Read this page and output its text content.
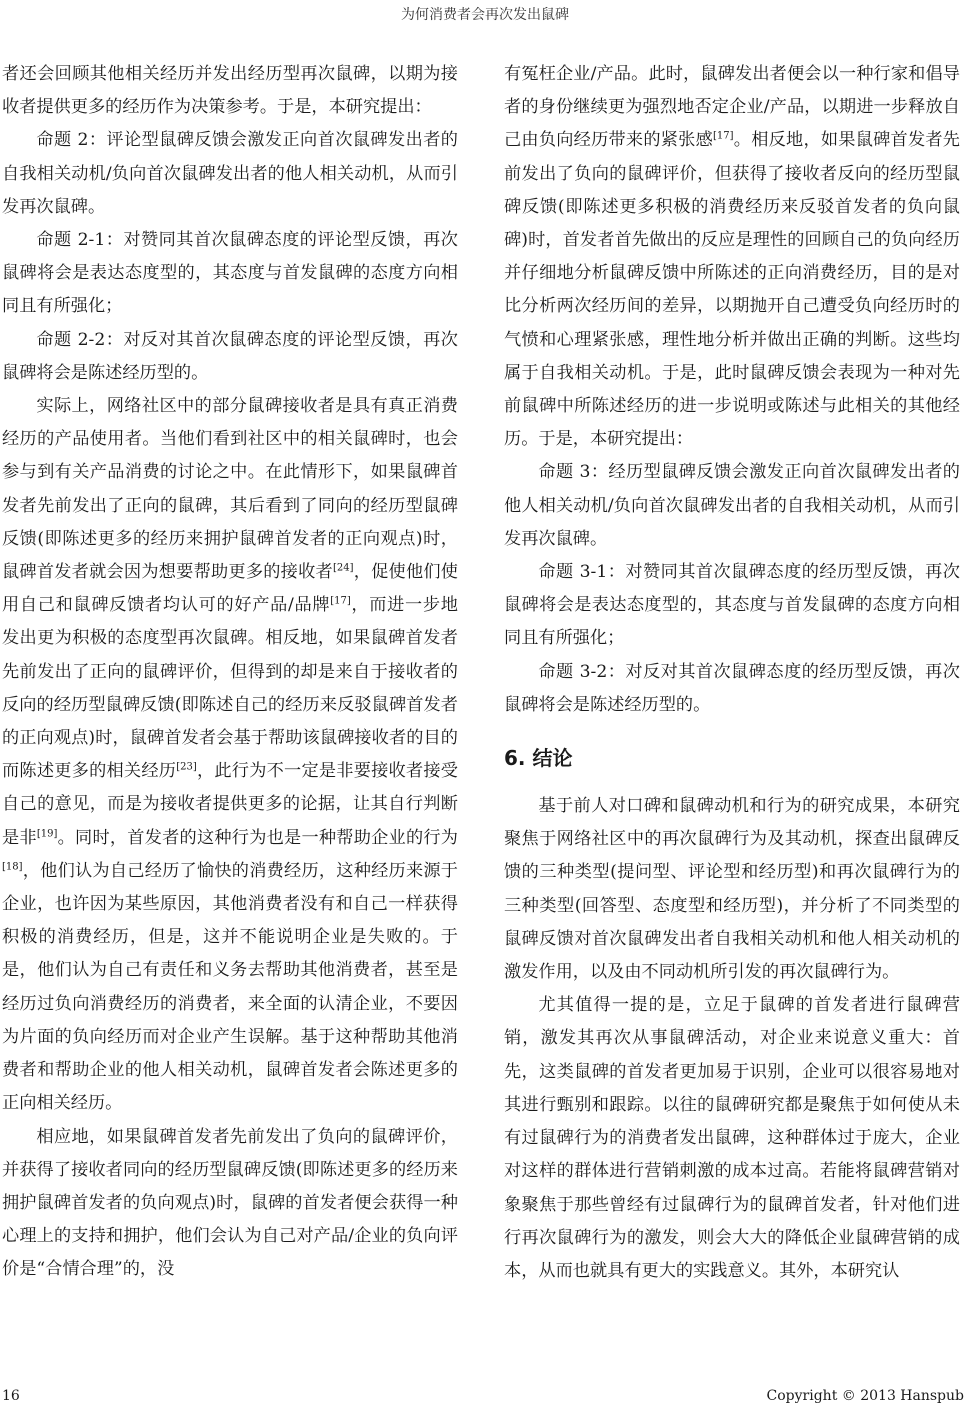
为何消费者会再次发出鼠碑

者还会回顾其他相关经历并发出经历型再次鼠碑，以期为接收者提供更多的经历作为决策参考。于是，本研究提出：

命题 2：评论型鼠碑反馈会激发正向首次鼠碑发出者的自我相关动机/负向首次鼠碑发出者的他人相关动机，从而引发再次鼠碑。

命题 2-1：对赞同其首次鼠碑态度的评论型反馈，再次鼠碑将会是表达态度型的，其态度与首发鼠碑的态度方向相同且有所强化；

命题 2-2：对反对其首次鼠碑态度的评论型反馈，再次鼠碑将会是陈述经历型的。

实际上，网络社区中的部分鼠碑接收者是具有真正消费经历的产品使用者。当他们看到社区中的相关鼠碑时，也会参与到有关产品消费的讨论之中。在此情形下，如果鼠碑首发者先前发出了正向的鼠碑，其后看到了同向的经历型鼠碑反馈(即陈述更多的经历来拥护鼠碑首发者的正向观点)时，鼠碑首发者就会因为想要帮助更多的接收者[24]，促使他们使用自己和鼠碑反馈者均认可的好产品/品牌[17]，而进一步地发出更为积极的态度型再次鼠碑。相反地，如果鼠碑首发者先前发出了正向的鼠碑评价，但得到的却是来自于接收者的反向的经历型鼠碑反馈(即陈述自己的经历来反驳鼠碑首发者的正向观点)时，鼠碑首发者会基于帮助该鼠碑接收者的目的而陈述更多的相关经历[23]，此行为不一定是非要接收者接受自己的意见，而是为接收者提供更多的论据，让其自行判断是非[19]。同时，首发者的这种行为也是一种帮助企业的行为[18]，他们认为自己经历了愉快的消费经历，这种经历来源于企业，也许因为某些原因，其他消费者没有和自己一样获得积极的消费经历，但是，这并不能说明企业是失败的。于是，他们认为自己有责任和义务去帮助其他消费者，甚至是经历过负向消费经历的消费者，来全面的认清企业，不要因为片面的负向经历而对企业产生误解。基于这种帮助其他消费者和帮助企业的他人相关动机，鼠碑首发者会陈述更多的正向相关经历。

相应地，如果鼠碑首发者先前发出了负向的鼠碑评价，并获得了接收者同向的经历型鼠碑反馈(即陈述更多的经历来拥护鼠碑首发者的负向观点)时，鼠碑的首发者便会获得一种心理上的支持和拥护，他们会认为自己对产品/企业的负向评价是“合情合理”的，没

有冤枉企业/产品。此时，鼠碑发出者便会以一种行家和倡导者的身份继续更为强烈地否定企业/产品，以期进一步释放自己由负向经历带来的紧张感[17]。相反地，如果鼠碑首发者先前发出了负向的鼠碑评价，但获得了接收者反向的经历型鼠碑反馈(即陈述更多积极的消费经历来反驳首发者的负向鼠碑)时，首发者首先做出的反应是理性的回顾自己的负向经历并仔细地分析鼠碑反馈中所陈述的正向消费经历，目的是对比分析两次经历间的差异，以期抛开自己遭受负向经历时的气愤和心理紧张感，理性地分析并做出正确的判断。这些均属于自我相关动机。于是，此时鼠碑反馈会表现为一种对先前鼠碑中所陈述经历的进一步说明或陈述与此相关的其他经历。于是，本研究提出：

命题 3：经历型鼠碑反馈会激发正向首次鼠碑发出者的他人相关动机/负向首次鼠碑发出者的自我相关动机，从而引发再次鼠碑。

命题 3-1：对赞同其首次鼠碑态度的经历型反馈，再次鼠碑将会是表达态度型的，其态度与首发鼠碑的态度方向相同且有所强化；

命题 3-2：对反对其首次鼠碑态度的经历型反馈，再次鼠碑将会是陈述经历型的。

6. 结论

基于前人对口碑和鼠碑动机和行为的研究成果，本研究聚焦于网络社区中的再次鼠碑行为及其动机，探查出鼠碑反馈的三种类型(提问型、评论型和经历型)和再次鼠碑行为的三种类型(回答型、态度型和经历型)，并分析了不同类型的鼠碑反馈对首次鼠碑发出者自我相关动机和他人相关动机的激发作用，以及由不同动机所引发的再次鼠碑行为。

尤其值得一提的是，立足于鼠碑的首发者进行鼠碑营销，激发其再次从事鼠碑活动，对企业来说意义重大：首先，这类鼠碑的首发者更加易于识别，企业可以很容易地对其进行甄别和跟踪。以往的鼠碑研究都是聚焦于如何使从未有过鼠碑行为的消费者发出鼠碑，这种群体过于庞大，企业对这样的群体进行营销刺激的成本过高。若能将鼠碑营销对象聚焦于那些曾经有过鼠碑行为的鼠碑首发者，针对他们进行再次鼠碑行为的激发，则会大大的降低企业鼠碑营销的成本，从而也就具有更大的实践意义。其外，本研究认

16	Copyright © 2013 Hanspub
